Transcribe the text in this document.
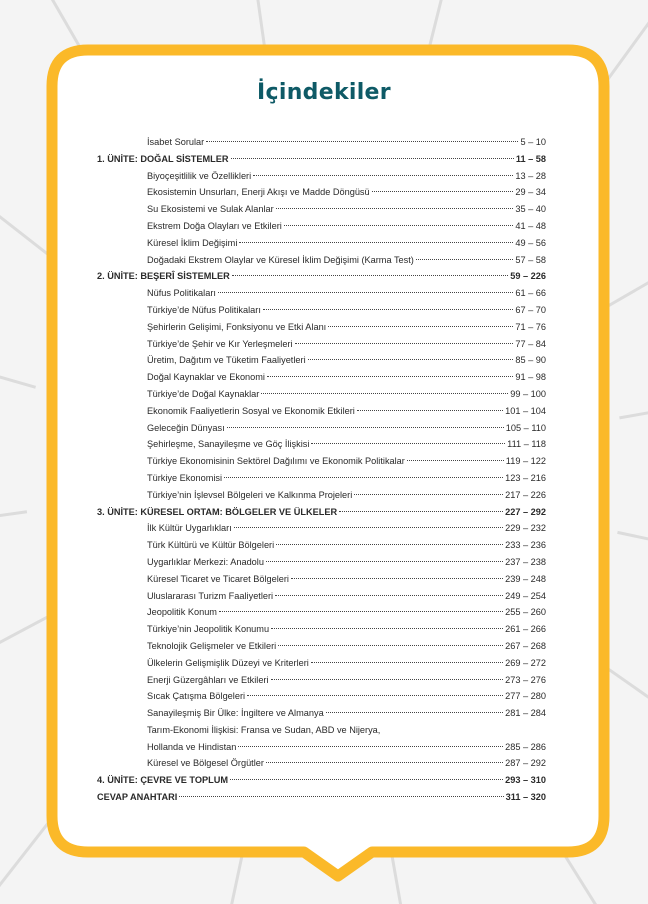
İçindekiler
İsabet Sorular	5 – 10
1. ÜNİTE: DOĞAL SİSTEMLER	11 – 58
Biyoçeşitlilik ve Özellikleri	13 – 28
Ekosistemin Unsurları, Enerji Akışı ve Madde Döngüsü	29 – 34
Su Ekosistemi ve Sulak Alanlar	35 – 40
Ekstrem Doğa Olayları ve Etkileri	41 – 48
Küresel İklim Değişimi	49 – 56
Doğadaki Ekstrem Olaylar ve Küresel İklim Değişimi (Karma Test)	57 – 58
2. ÜNİTE: BEŞERÎ SİSTEMLER	59 – 226
Nüfus Politikaları	61 – 66
Türkiye’de Nüfus Politikaları	67 – 70
Şehirlerin Gelişimi, Fonksiyonu ve Etki Alanı	71 – 76
Türkiye’de Şehir ve Kır Yerleşmeleri	77 – 84
Üretim, Dağıtım ve Tüketim Faaliyetleri	85 – 90
Doğal Kaynaklar ve Ekonomi	91 – 98
Türkiye’de Doğal Kaynaklar	99 – 100
Ekonomik Faaliyetlerin Sosyal ve Ekonomik Etkileri	101 – 104
Geleceğin Dünyası	105 – 110
Şehirleşme, Sanayileşme ve Göç İlişkisi	111 – 118
Türkiye Ekonomisinin Sektörel Dağılımı ve Ekonomik Politikalar	119 – 122
Türkiye Ekonomisi	123 – 216
Türkiye’nin İşlevsel Bölgeleri ve Kalkınma Projeleri	217 – 226
3. ÜNİTE: KÜRESEL ORTAM: BÖLGELER VE ÜLKELER	227 – 292
İlk Kültür Uygarlıkları	229 – 232
Türk Kültürü ve Kültür Bölgeleri	233 – 236
Uygarlıklar Merkezi: Anadolu	237 – 238
Küresel Ticaret ve Ticaret Bölgeleri	239 – 248
Uluslararası Turizm Faaliyetleri	249 – 254
Jeopolitik Konum	255 – 260
Türkiye’nin Jeopolitik Konumu	261 – 266
Teknolojik Gelişmeler ve Etkileri	267 – 268
Ülkelerin Gelişmişlik Düzeyi ve Kriterleri	269 – 272
Enerji Güzergâhları ve Etkileri	273 – 276
Sıcak Çatışma Bölgeleri	277 – 280
Sanayileşmiş Bir Ülke: İngiltere ve Almanya	281 – 284
Tarım-Ekonomi İlişkisi: Fransa ve Sudan, ABD ve Nijerya,
Hollanda ve Hindistan	285 – 286
Küresel ve Bölgesel Örgütler	287 – 292
4. ÜNİTE: ÇEVRE VE TOPLUM	293 – 310
CEVAP ANAHTARI	311 – 320
